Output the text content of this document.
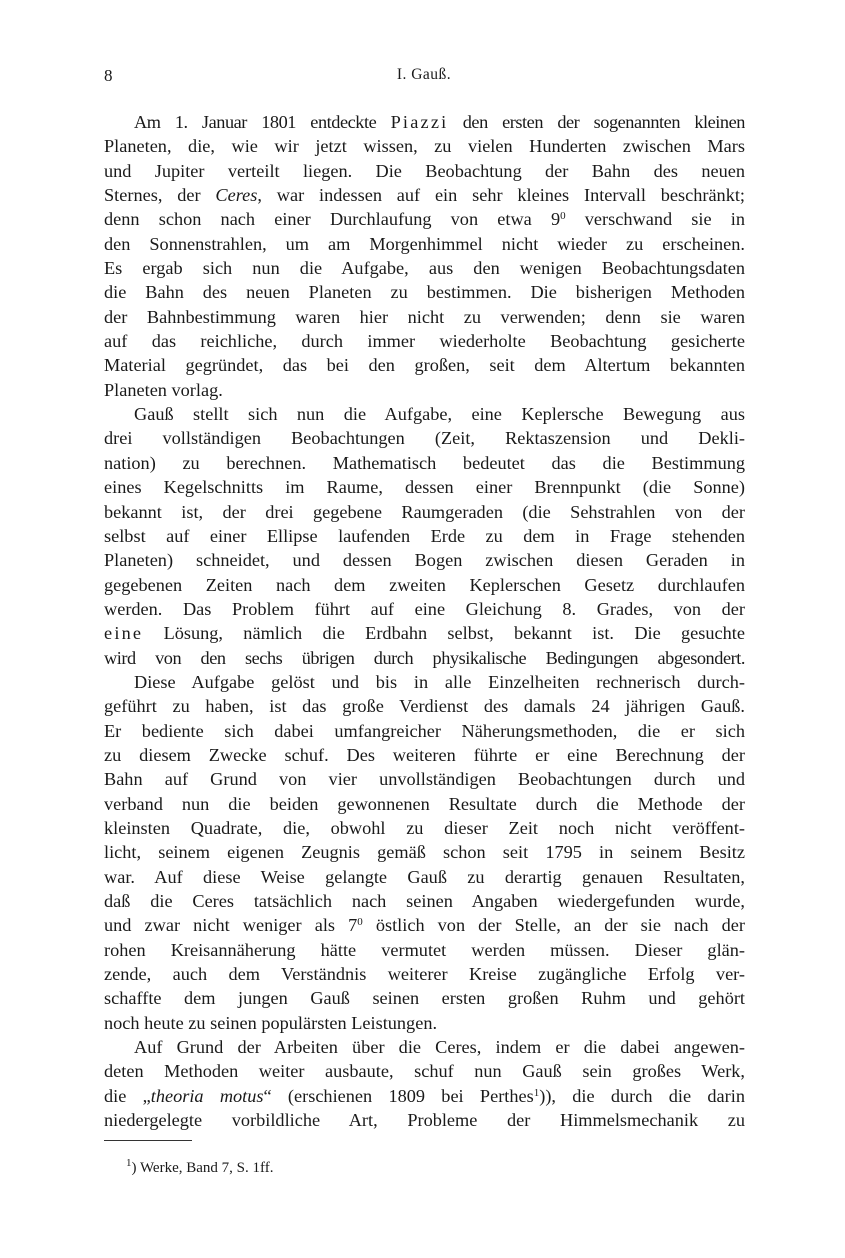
8	I. Gauß.
Am 1. Januar 1801 entdeckte Piazzi den ersten der sogenannten kleinen
Planeten, die, wie wir jetzt wissen, zu vielen Hunderten zwischen Mars
und Jupiter verteilt liegen. Die Beobachtung der Bahn des neuen
Sternes, der Ceres, war indessen auf ein sehr kleines Intervall beschränkt;
denn schon nach einer Durchlaufung von etwa $9^0$ verschwand sie in
den Sonnenstrahlen, um am Morgenhimmel nicht wieder zu erscheinen.
Es ergab sich nun die Aufgabe, aus den wenigen Beobachtungsdaten
die Bahn des neuen Planeten zu bestimmen. Die bisherigen Methoden
der Bahnbestimmung waren hier nicht zu verwenden; denn sie waren
auf das reichliche, durch immer wiederholte Beobachtung gesicherte
Material gegründet, das bei den großen, seit dem Altertum bekannten
Planeten vorlag.
Gauß stellt sich nun die Aufgabe, eine Keplersche Bewegung aus
drei vollständigen Beobachtungen (Zeit, Rektaszension und Dekli-
nation) zu berechnen. Mathematisch bedeutet das die Bestimmung
eines Kegelschnitts im Raume, dessen einer Brennpunkt (die Sonne)
bekannt ist, der drei gegebene Raumgeraden (die Sehstrahlen von der
selbst auf einer Ellipse laufenden Erde zu dem in Frage stehenden
Planeten) schneidet, und dessen Bogen zwischen diesen Geraden in
gegebenen Zeiten nach dem zweiten Keplerschen Gesetz durchlaufen
werden. Das Problem führt auf eine Gleichung 8. Grades, von der
eine Lösung, nämlich die Erdbahn selbst, bekannt ist. Die gesuchte
wird von den sechs übrigen durch physikalische Bedingungen abgesondert.
Diese Aufgabe gelöst und bis in alle Einzelheiten rechnerisch durch-
geführt zu haben, ist das große Verdienst des damals 24 jährigen Gauß.
Er bediente sich dabei umfangreicher Näherungsmethoden, die er sich
zu diesem Zwecke schuf. Des weiteren führte er eine Berechnung der
Bahn auf Grund von vier unvollständigen Beobachtungen durch und
verband nun die beiden gewonnenen Resultate durch die Methode der
kleinsten Quadrate, die, obwohl zu dieser Zeit noch nicht veröffent-
licht, seinem eigenen Zeugnis gemäß schon seit 1795 in seinem Besitz
war. Auf diese Weise gelangte Gauß zu derartig genauen Resultaten,
daß die Ceres tatsächlich nach seinen Angaben wiedergefunden wurde,
und zwar nicht weniger als $7^0$ östlich von der Stelle, an der sie nach der
rohen Kreisannäherung hätte vermutet werden müssen. Dieser glän-
zende, auch dem Verständnis weiterer Kreise zugängliche Erfolg ver-
schaffte dem jungen Gauß seinen ersten großen Ruhm und gehört
noch heute zu seinen populärsten Leistungen.
Auf Grund der Arbeiten über die Ceres, indem er die dabei angewen-
deten Methoden weiter ausbaute, schuf nun Gauß sein großes Werk,
die „theoria motus“ (erschienen 1809 bei Perthes$^1$)), die durch die darin
niedergelegte vorbildliche Art, Probleme der Himmelsmechanik zu
$^1$) Werke, Band 7, S. 1ff.
